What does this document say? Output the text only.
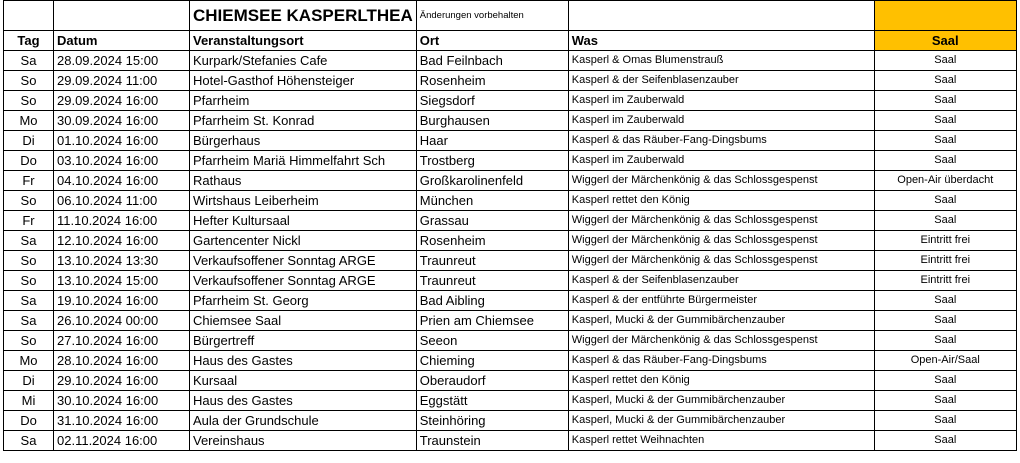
		CHIEMSEE KASPERLTHEA	Änderungen vorbehalten		
Tag	Datum	Veranstaltungsort	Ort	Was	Saal
Sa	28.09.2024 15:00	Kurpark/Stefanies Cafe	Bad Feilnbach	Kasperl & Omas Blumenstrauß	Saal
So	29.09.2024 11:00	Hotel-Gasthof Höhensteiger	Rosenheim	Kasperl & der Seifenblasenzauber	Saal
So	29.09.2024 16:00	Pfarrheim	Siegsdorf	Kasperl im Zauberwald	Saal
Mo	30.09.2024 16:00	Pfarrheim St. Konrad	Burghausen	Kasperl im Zauberwald	Saal
Di	01.10.2024 16:00	Bürgerhaus	Haar	Kasperl & das Räuber-Fang-Dingsbums	Saal
Do	03.10.2024 16:00	Pfarrheim Mariä Himmelfahrt Sch	Trostberg	Kasperl im Zauberwald	Saal
Fr	04.10.2024 16:00	Rathaus	Großkarolinenfeld	Wiggerl der Märchenkönig & das Schlossgespenst	Open-Air überdacht
So	06.10.2024 11:00	Wirtshaus Leiberheim	München	Kasperl rettet den König	Saal
Fr	11.10.2024 16:00	Hefter Kultursaal	Grassau	Wiggerl der Märchenkönig & das Schlossgespenst	Saal
Sa	12.10.2024 16:00	Gartencenter Nickl	Rosenheim	Wiggerl der Märchenkönig & das Schlossgespenst	Eintritt frei
So	13.10.2024 13:30	Verkaufsoffener Sonntag ARGE	Traunreut	Wiggerl der Märchenkönig & das Schlossgespenst	Eintritt frei
So	13.10.2024 15:00	Verkaufsoffener Sonntag ARGE	Traunreut	Kasperl & der Seifenblasenzauber	Eintritt frei
Sa	19.10.2024 16:00	Pfarrheim St. Georg	Bad Aibling	Kasperl & der entführte Bürgermeister	Saal
Sa	26.10.2024 00:00	Chiemsee Saal	Prien am Chiemsee	Kasperl, Mucki & der Gummibärchenzauber	Saal
So	27.10.2024 16:00	Bürgertreff	Seeon	Wiggerl der Märchenkönig & das Schlossgespenst	Saal
Mo	28.10.2024 16:00	Haus des Gastes	Chieming	Kasperl & das Räuber-Fang-Dingsbums	Open-Air/Saal
Di	29.10.2024 16:00	Kursaal	Oberaudorf	Kasperl rettet den König	Saal
Mi	30.10.2024 16:00	Haus des Gastes	Eggstätt	Kasperl, Mucki & der Gummibärchenzauber	Saal
Do	31.10.2024 16:00	Aula der Grundschule	Steinhöring	Kasperl, Mucki & der Gummibärchenzauber	Saal
Sa	02.11.2024 16:00	Vereinshaus	Traunstein	Kasperl rettet Weihnachten	Saal
